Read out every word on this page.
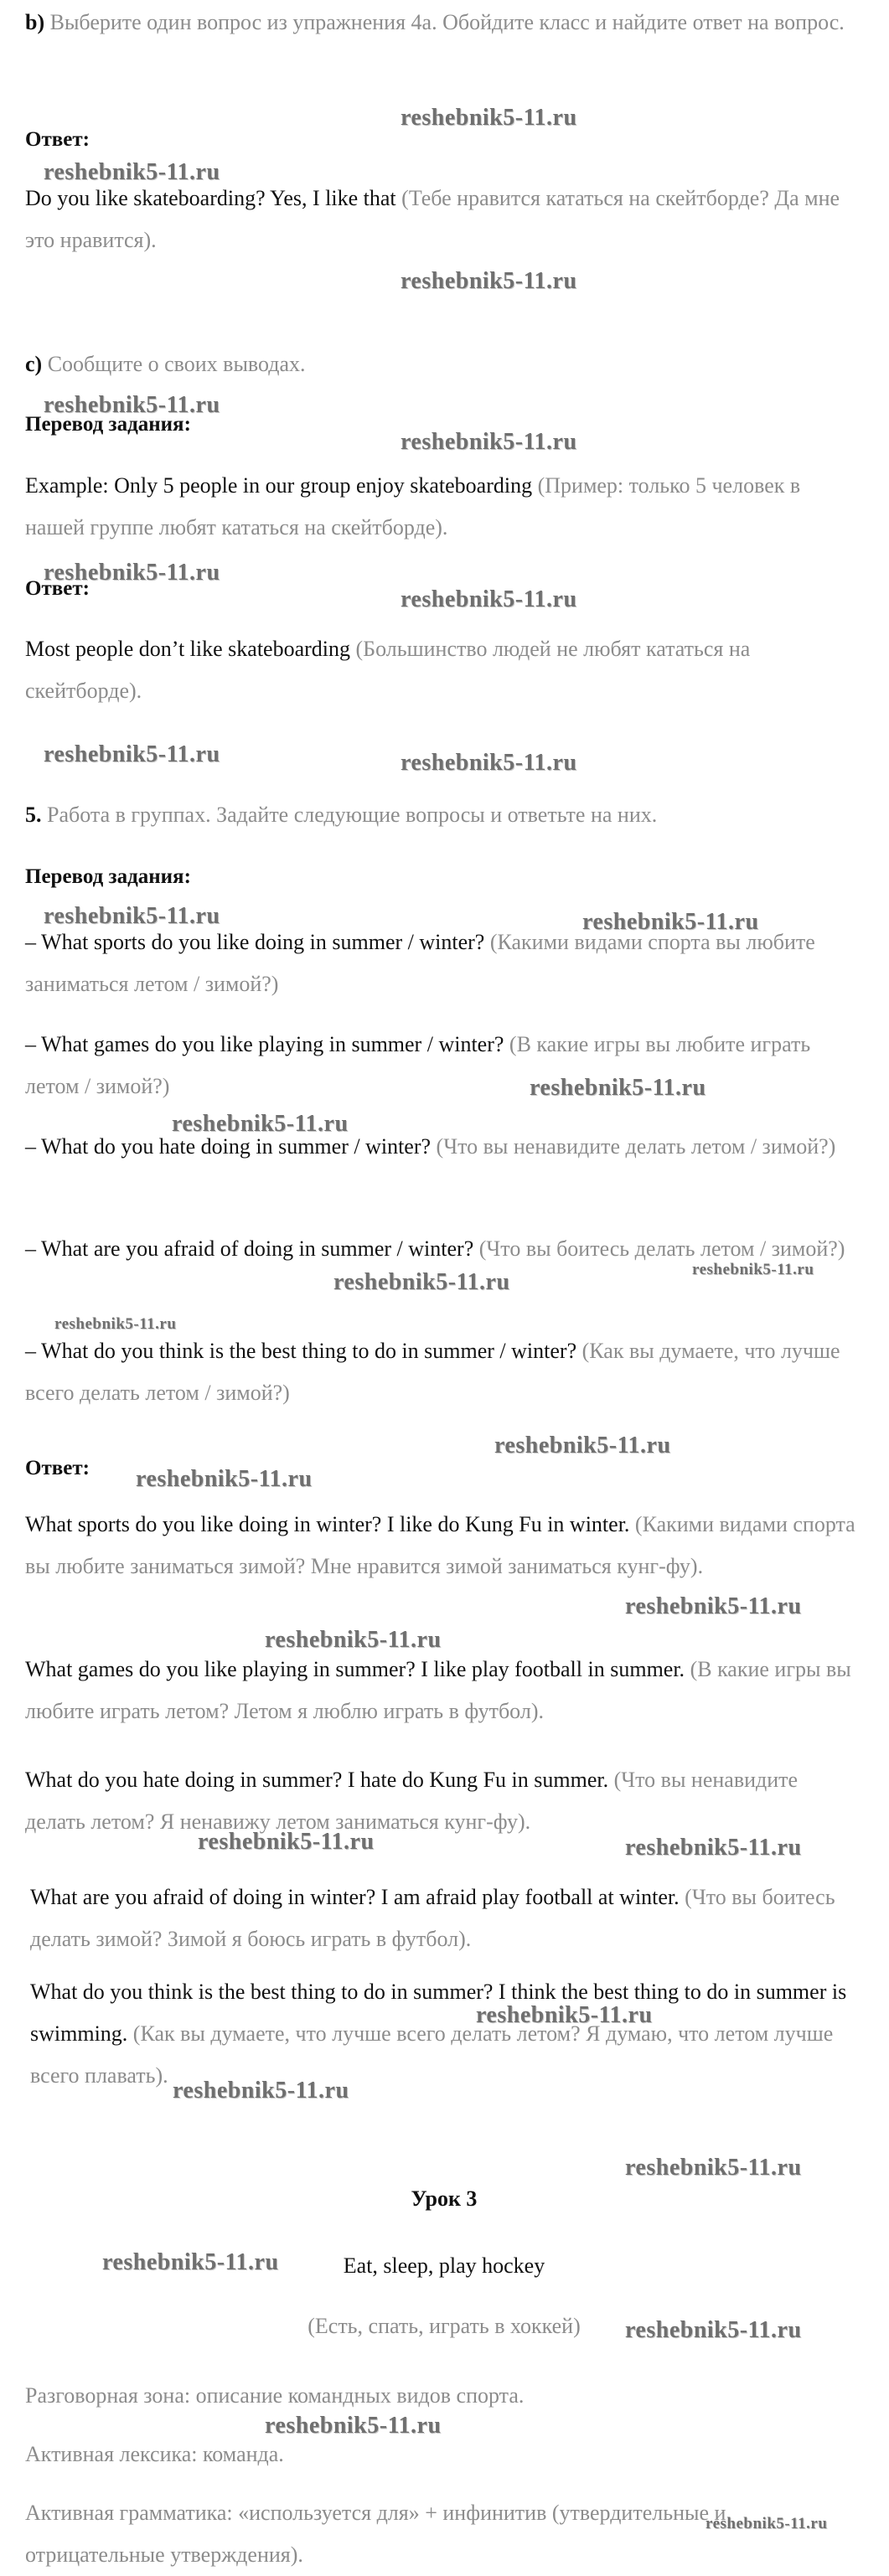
b) Выберите один вопрос из упражнения 4а. Обойдите класс и найдите ответ на вопрос.
Ответ:
Do you like skateboarding? Yes, I like that (Тебе нравится кататься на скейтборде? Да мне это нравится).
c) Сообщите о своих выводах.
Перевод задания:
Example: Only 5 people in our group enjoy skateboarding (Пример: только 5 человек в нашей группе любят кататься на скейтборде).
Ответ:
Most people don’t like skateboarding (Большинство людей не любят кататься на скейтборде).
5. Работа в группах. Задайте следующие вопросы и ответьте на них.
Перевод задания:
– What sports do you like doing in summer / winter? (Какими видами спорта вы любите заниматься летом / зимой?)
– What games do you like playing in summer / winter? (В какие игры вы любите играть летом / зимой?)
– What do you hate doing in summer / winter? (Что вы ненавидите делать летом / зимой?)
– What are you afraid of doing in summer / winter? (Что вы боитесь делать летом / зимой?)
– What do you think is the best thing to do in summer / winter? (Как вы думаете, что лучше всего делать летом / зимой?)
Ответ:
What sports do you like doing in winter? I like do Kung Fu in winter. (Какими видами спорта вы любите заниматься зимой? Мне нравится зимой заниматься кунг-фу).
What games do you like playing in summer? I like play football in summer. (В какие игры вы любите играть летом? Летом я люблю играть в футбол).
What do you hate doing in summer? I hate do Kung Fu in summer. (Что вы ненавидите делать летом? Я ненавижу летом заниматься кунг-фу).
What are you afraid of doing in winter? I am afraid play football at winter. (Что вы боитесь делать зимой? Зимой я боюсь играть в футбол).
What do you think is the best thing to do in summer? I think the best thing to do in summer is swimming. (Как вы думаете, что лучше всего делать летом? Я думаю, что летом лучше всего плавать).
Урок 3
Eat, sleep, play hockey
(Есть, спать, играть в хоккей)
Разговорная зона: описание командных видов спорта.
Активная лексика: команда.
Активная грамматика: «используется для» + инфинитив (утвердительные и отрицательные утверждения).
reshebnik5-11.ru
reshebnik5-11.ru
reshebnik5-11.ru
reshebnik5-11.ru
reshebnik5-11.ru
reshebnik5-11.ru
reshebnik5-11.ru
reshebnik5-11.ru	reshebnik5-11.ru
reshebnik5-11.ru	reshebnik5-11.ru
reshebnik5-11.ru
reshebnik5-11.ru
reshebnik5-11.ru	reshebnik5-11.ru
reshebnik5-11.ru
reshebnik5-11.ru
reshebnik5-11.ru
reshebnik5-11.ru
reshebnik5-11.ru
reshebnik5-11.ru	reshebnik5-11.ru
reshebnik5-11.ru
reshebnik5-11.ru
reshebnik5-11.ru
reshebnik5-11.ru
reshebnik5-11.ru
reshebnik5-11.ru
reshebnik5-11.ru
